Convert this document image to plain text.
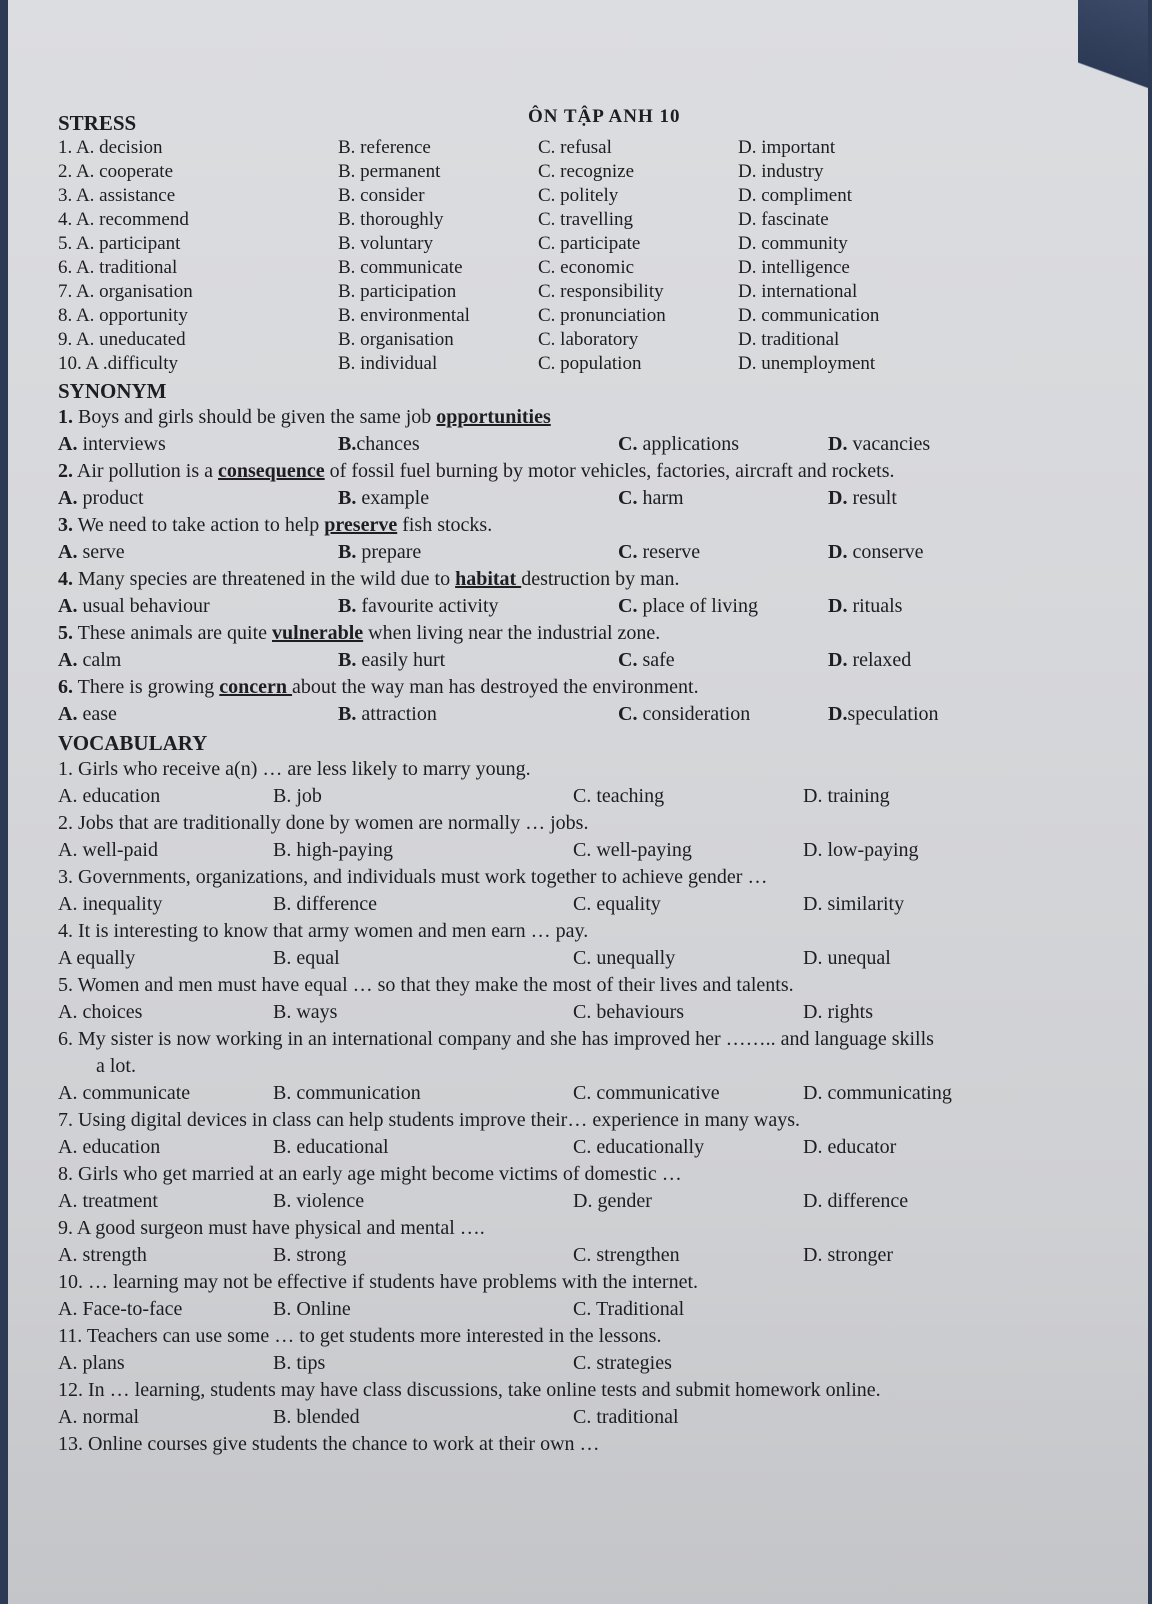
ÔN TẬP ANH 10
STRESS
1. A. decision	B. reference	C. refusal	D. important
2. A. cooperate	B. permanent	C. recognize	D. industry
3. A. assistance	B. consider	C. politely	D. compliment
4. A. recommend	B. thoroughly	C. travelling	D. fascinate
5. A. participant	B. voluntary	C. participate	D. community
6. A. traditional	B. communicate	C. economic	D. intelligence
7. A. organisation	B. participation	C. responsibility	D. international
8. A. opportunity	B. environmental	C. pronunciation	D. communication
9. A. uneducated	B. organisation	C. laboratory	D. traditional
10. A .difficulty	B. individual	C. population	D. unemployment
SYNONYM
1. Boys and girls should be given the same job opportunities
A. interviews	B.chances	C. applications	D. vacancies
2. Air pollution is a consequence of fossil fuel burning by motor vehicles, factories, aircraft and rockets.
A. product	B. example	C. harm	D. result
3. We need to take action to help preserve fish stocks.
A. serve	B. prepare	C. reserve	D. conserve
4. Many species are threatened in the wild due to habitat destruction by man.
A. usual behaviour	B. favourite activity	C. place of living	D. rituals
5. These animals are quite vulnerable when living near the industrial zone.
A. calm	B. easily hurt	C. safe	D. relaxed
6. There is growing concern about the way man has destroyed the environment.
A. ease	B. attraction	C. consideration	D.speculation
VOCABULARY
1. Girls who receive a(n) … are less likely to marry young.
A. education	B. job	C. teaching	D. training
2. Jobs that are traditionally done by women are normally … jobs.
A. well-paid	B. high-paying	C. well-paying	D. low-paying
3. Governments, organizations, and individuals must work together to achieve gender …
A. inequality	B. difference	C. equality	D. similarity
4. It is interesting to know that army women and men earn … pay.
A equally	B. equal	C. unequally	D. unequal
5. Women and men must have equal … so that they make the most of their lives and talents.
A. choices	B. ways	C. behaviours	D. rights
6. My sister is now working in an international company and she has improved her …….. and language skills
a lot.
A. communicate	B. communication	C. communicative	D. communicating
7. Using digital devices in class can help students improve their… experience in many ways.
A. education	B. educational	C. educationally	D. educator
8. Girls who get married at an early age might become victims of domestic …
A. treatment	B. violence	D. gender	D. difference
9. A good surgeon must have physical and mental ….
A. strength	B. strong	C. strengthen	D. stronger
10. … learning may not be effective if students have problems with the internet.
A. Face-to-face	B. Online	C. Traditional
11. Teachers can use some … to get students more interested in the lessons.
A. plans	B. tips	C. strategies
12. In … learning, students may have class discussions, take online tests and submit homework online.
A. normal	B. blended	C. traditional
13. Online courses give students the chance to work at their own …
